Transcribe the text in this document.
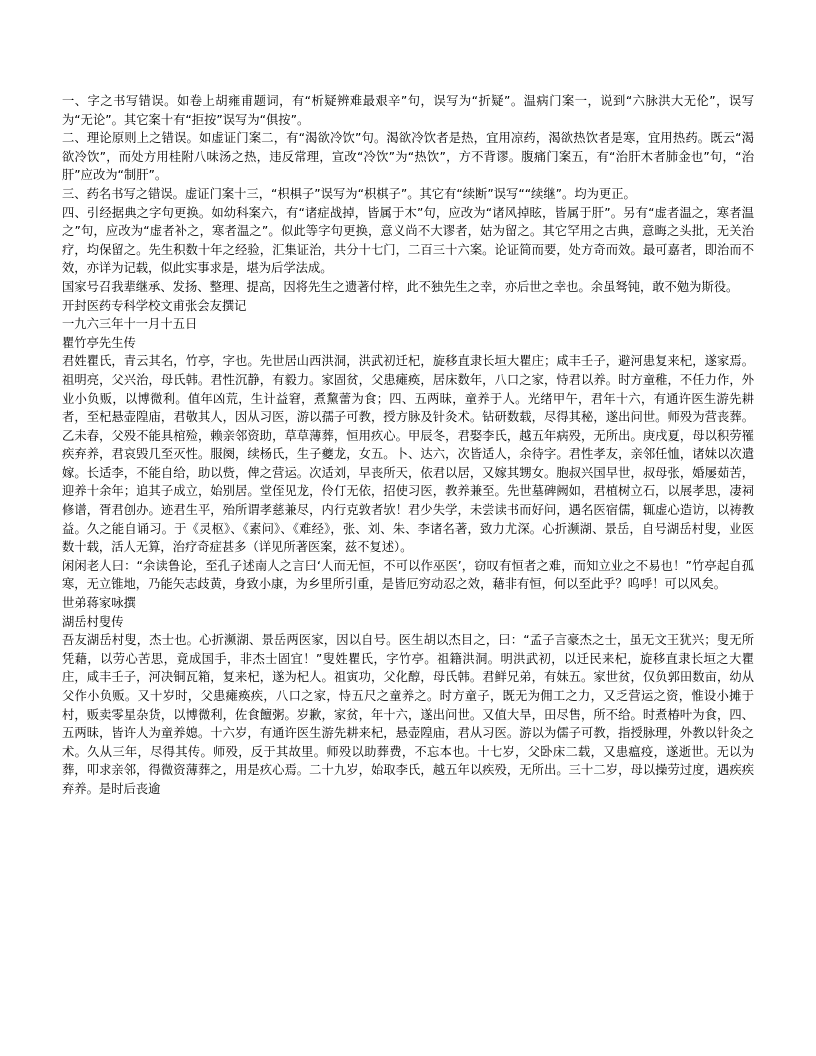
一、字之书写错误。如卷上胡雍甫题词，有“析疑辨难最艰辛”句，误写为“折疑”。温病门案一，说到“六脉洪大无伦”，误写为“无论”。其它案十有“拒按”误写为“俱按”。

二、理论原则上之错误。如虚证门案二，有“渴欲冷饮”句。渴欲冷饮者是热，宜用凉药，渴欲热饮者是寒，宜用热药。既云“渴欲冷饮”，而处方用桂附八味汤之热，违反常理，宣改“冷饮”为“热饮”，方不背谬。腹痛门案五，有“治肝木者肺金也”句，“治肝”应改为“制肝”。

三、药名书写之错误。虚证门案十三，“枳椇子”误写为“枳棋子”。其它有“续断”误写““续继”。均为更正。

四、引经据典之字句更换。如幼科案六，有“诸症战掉，皆属于木”句，应改为“诸风掉眩，皆属于肝”。另有“虚者温之，寒者温之”句，应改为“虚者补之，寒者温之”。似此等字句更换，意义尚不大谬者，姑为留之。其它罕用之古典，意晦之头批，无关治疗，均保留之。先生积数十年之经验，汇集证治，共分十七门，二百三十六案。论证简而要，处方奇而效。最可嘉者，即治而不效，亦详为记载，似此实事求是，堪为后学法成。

国家号召我辈继承、发扬、整理、提高，因将先生之遗著付梓，此不独先生之幸，亦后世之幸也。余虽驽钝，敢不勉为斯役。

开封医药专科学校文甫张会友撰记

一九六三年十一月十五日

瞿竹亭先生传

君姓瞿氏，青云其名，竹亭，字也。先世居山西洪洞，洪武初迁杞，旋移直隶长垣大瞿庄；咸丰壬子，避河患复来杞，遂家焉。祖明亮，父兴治，母氏韩。君性沉静，有毅力。家固贫，父患瘫痪，居床数年，八口之家，恃君以养。时方童稚，不任力作，外业小负贩，以博微利。值年凶荒，生计益窘，煮黧蕾为食；四、五两昧，童养于人。光绪甲午，君年十六，有通许医生游先耕者，至杞悬壶隍庙，君敬其人，因从习医，游以孺子可教，授方脉及针灸术。钻研数载，尽得其秘，遂出问世。师殁为营丧葬。乙未春，父殁不能具棺殓，赖亲邻资助，草草薄葬，恒用疚心。甲辰冬，君娶李氏，越五年病殁，无所出。庚戌夏，母以积劳罹疾弃养，君哀毁几至灭性。服阕，续杨氏，生子夔龙，女五。卜、达六，次皆适人，余待字。君性孝友，亲邻任恤，诸妹以次遣嫁。长适李，不能自给，助以赀，俾之营运。次适刘，早丧所天，依君以居，又嫁其甥女。胞叔兴国早世，叔母张，婚屡茹苦，迎养十余年；追其子成立，始别居。堂侄见龙，伶仃无依，招使习医，教养兼至。先世墓碑阙如，君植树立石，以展孝思，凄祠修谱，胥君创办。迹君生平，殆所谓孝慈兼尽，内行克敦者欤！君少失学，未尝读书而好问，遇名医宿儒，辄虚心造访，以祷教益。久之能自诵习。于《灵枢》、《素问》、《难经》，张、刘、朱、李诸名著，致力尤深。心折濒湖、景岳，自号湖岳村叟，业医数十载，活人无算，治疗奇症甚多（详见所著医案，兹不复述）。

闲闲老人曰：“余读鲁论，至孔子述南人之言曰‘人而无恒，不可以作巫医’，窃叹有恒者之难，而知立业之不易也！”竹亭起自孤寒，无立锥地，乃能矢志歧黄，身致小康，为乡里所引重，是皆厄穷动忍之效，藉非有恒，何以至此乎？呜呼！可以风矣。

世弟蒋家咏撰

湖岳村叟传

吾友湖岳村叟，杰士也。心折濒湖、景岳两医家，因以自号。医生胡以杰目之，曰：“孟子言豪杰之士，虽无文王犹兴；叟无所凭藉，以劳心苦思，竟成国手，非杰士固宜！”叟姓瞿氏，字竹亭。祖籍洪洞。明洪武初，以迁民来杞，旋移直隶长垣之大瞿庄，咸丰壬子，河决铜瓦箱，复来杞，遂为杞人。祖寅功，父化醇，母氏韩。君鲜兄弟，有妹五。家世贫，仅负郭田数亩，幼从父作小负贩。又十岁时，父患瘫痪疾，八口之家，恃五尺之童养之。时方童子，既无为佣工之力，又乏营运之资，惟设小摊于村，贩卖零星杂货，以博微利，佐食饘粥。岁歉，家贫，年十六，遂出问世。又值大旱，田尽售，所不给。时煮椿叶为食，四、五两昧，皆许人为童养媳。十六岁，有通许医生游先耕来杞，悬壶隍庙，君从习医。游以为儒子可教，指授脉理，外教以针灸之术。久从三年，尽得其传。师殁，反于其故里。师殁以助葬费，不忘本也。十七岁，父卧床二载，又患瘟疫，遂逝世。无以为葬，叩求亲邻，得微资薄葬之，用是疚心焉。二十九岁，始取李氏，越五年以疾殁，无所出。三十二岁，母以操劳过度，遇疾疾弃养。是时后丧逾
